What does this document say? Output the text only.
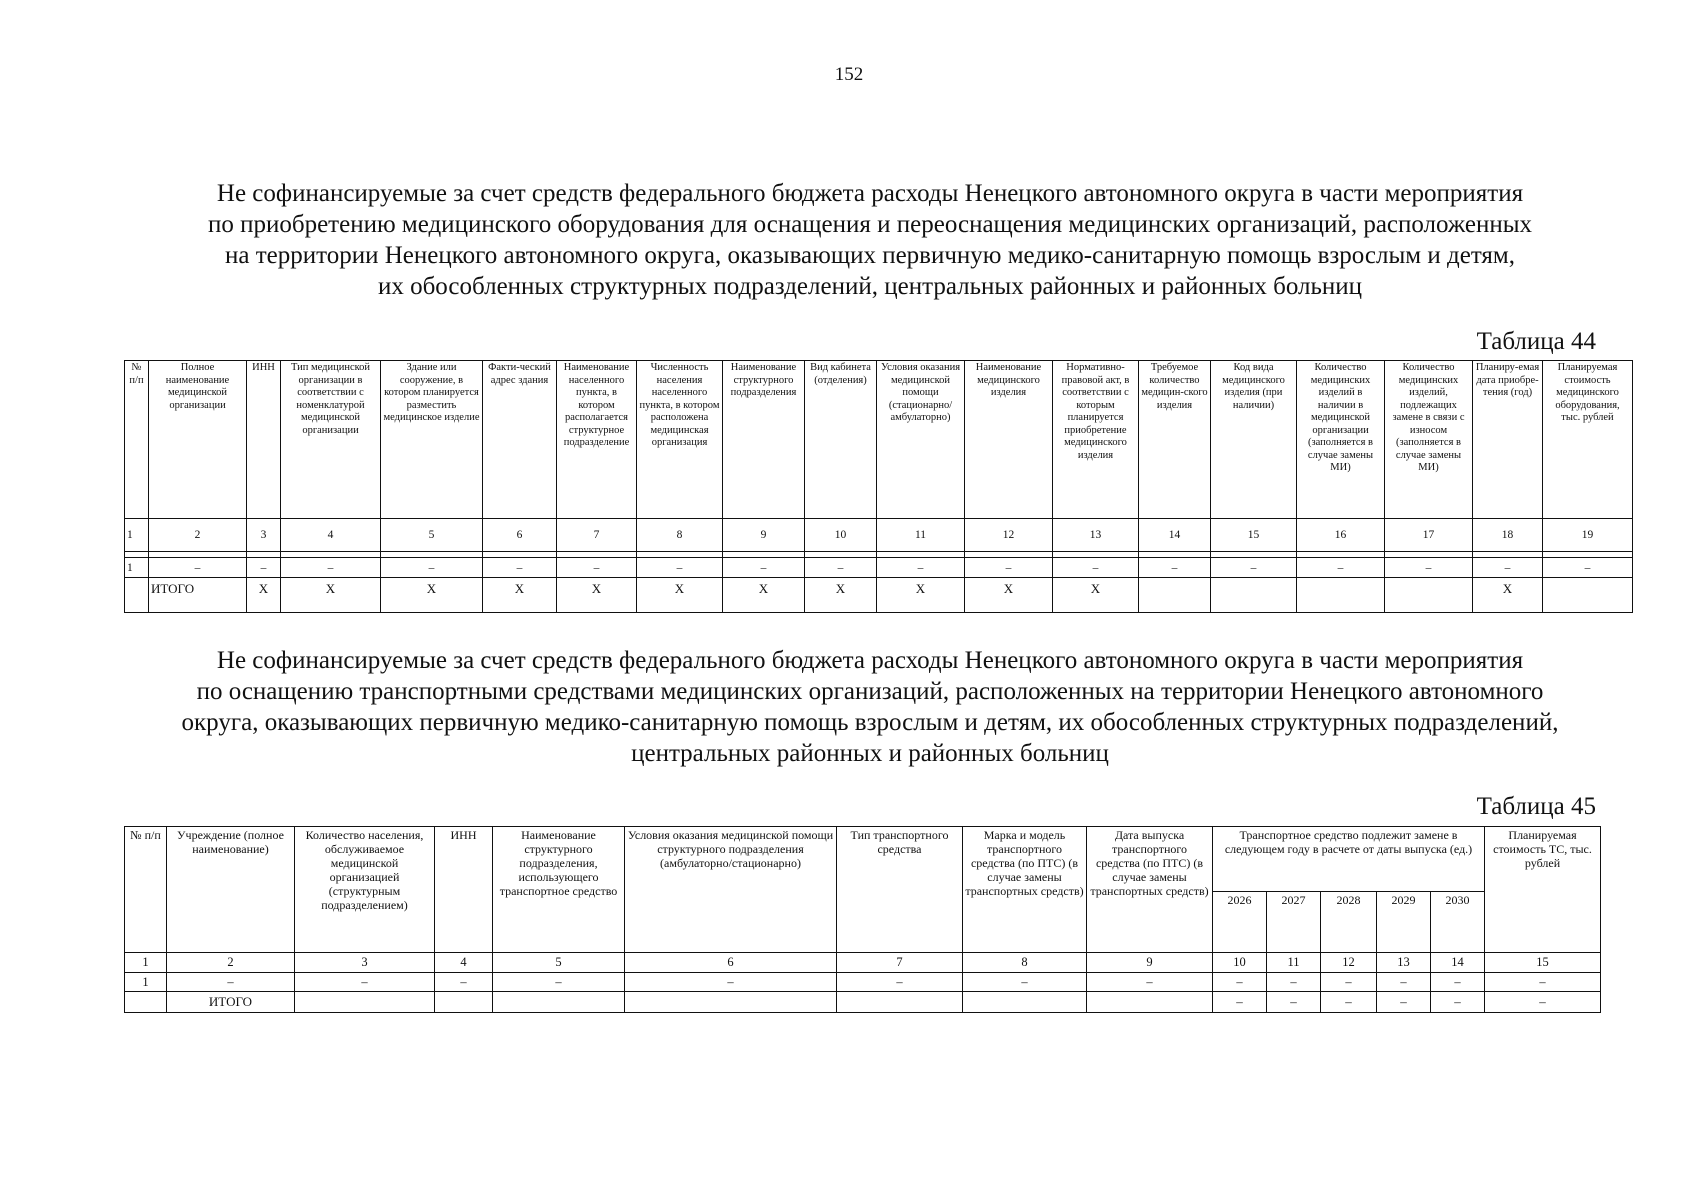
152
Не софинансируемые за счет средств федерального бюджета расходы Ненецкого автономного округа в части мероприятия
по приобретению медицинского оборудования для оснащения и переоснащения медицинских организаций, расположенных
на территории Ненецкого автономного округа, оказывающих первичную медико-санитарную помощь взрослым и детям,
их обособленных структурных подразделений, центральных районных и районных больниц
Таблица 44
№ п/п	Полное наименование медицинской организации	ИНН	Тип медицинской организации в соответствии с номенклатурой медицинской организации	Здание или сооружение, в котором планируется разместить медицинское изделие	Факти-ческий адрес здания	Наименование населенного пункта, в котором располагается структурное подразделение	Численность населения населенного пункта, в котором расположена медицинская организация	Наименование структурного подразделения	Вид кабинета (отделения)	Условия оказания медицинской помощи (стационарно/ амбулаторно)	Наименование медицинского изделия	Нормативно-правовой акт, в соответствии с которым планируется приобретение медицинского изделия	Требуемое количество медицин-ского изделия	Код вида медицинского изделия (при наличии)	Количество медицинских изделий в наличии в медицинской организации (заполняется в случае замены МИ)	Количество медицинских изделий, подлежащих замене в связи с износом (заполняется в случае замены МИ)	Планиру-емая дата приобре-тения (год)	Планируемая стоимость медицинского оборудования, тыс. рублей
1	2	3	4	5	6	7	8	9	10	11	12	13	14	15	16	17	18	19

1	–	–	–	–	–	–	–	–	–	–	–	–	–	–	–	–	–	–
	ИТОГО	Х	Х	Х	Х	Х	Х	Х	Х	Х	Х	Х					Х	
Не софинансируемые за счет средств федерального бюджета расходы Ненецкого автономного округа в части мероприятия
по оснащению транспортными средствами медицинских организаций, расположенных на территории Ненецкого автономного
округа, оказывающих первичную медико-санитарную помощь взрослым и детям, их обособленных структурных подразделений,
центральных районных и районных больниц
Таблица 45
№ п/п	Учреждение (полное наименование)	Количество населения, обслуживаемое медицинской организацией (структурным подразделением)	ИНН	Наименование структурного подразделения, использующего транспортное средство	Условия оказания медицинской помощи структурного подразделения (амбулаторно/стационарно)	Тип транспортного средства	Марка и модель транспортного средства (по ПТС) (в случае замены транспортных средств)	Дата выпуска транспортного средства (по ПТС) (в случае замены транспортных средств)	Транспортное средство подлежит замене в следующем году в расчете от даты выпуска (ед.)					Планируемая стоимость ТС, тыс. рублей
									2026	2027	2028	2029	2030	
1	2	3	4	5	6	7	8	9	10	11	12	13	14	15
1	–	–	–	–	–	–	–	–	–	–	–	–	–	–
	ИТОГО								–	–	–	–	–	–
